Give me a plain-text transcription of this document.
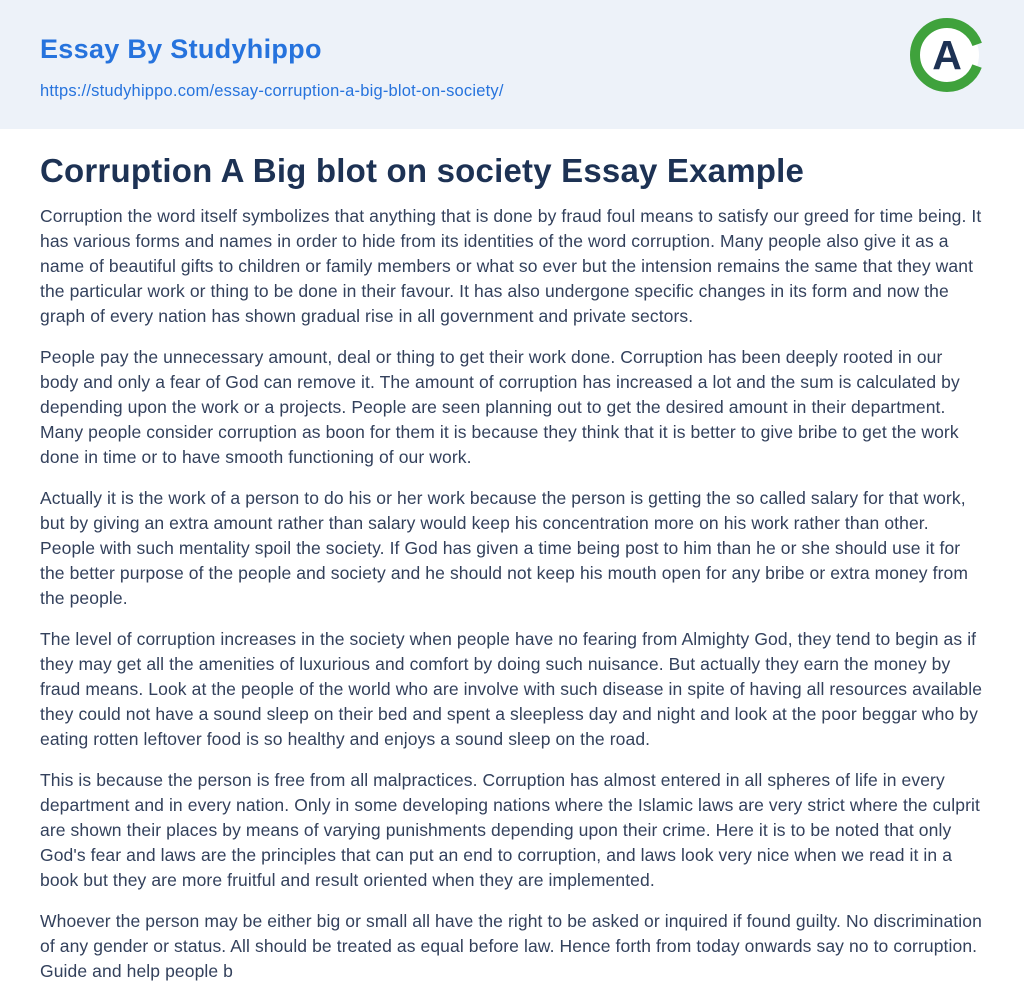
Essay By Studyhippo
https://studyhippo.com/essay-corruption-a-big-blot-on-society/
A
Corruption A Big blot on society Essay Example

Corruption the word itself symbolizes that anything that is done by fraud foul means to satisfy our greed for time being. It has various forms and names in order to hide from its identities of the word corruption. Many people also give it as a name of beautiful gifts to children or family members or what so ever but the intension remains the same that they want the particular work or thing to be done in their favour. It has also undergone specific changes in its form and now the graph of every nation has shown gradual rise in all government and private sectors.

People pay the unnecessary amount, deal or thing to get their work done. Corruption has been deeply rooted in our body and only a fear of God can remove it. The amount of corruption has increased a lot and the sum is calculated by depending upon the work or a projects. People are seen planning out to get the desired amount in their department. Many people consider corruption as boon for them it is because they think that it is better to give bribe to get the work done in time or to have smooth functioning of our work.

Actually it is the work of a person to do his or her work because the person is getting the so called salary for that work, but by giving an extra amount rather than salary would keep his concentration more on his work rather than other. People with such mentality spoil the society. If God has given a time being post to him than he or she should use it for the better purpose of the people and society and he should not keep his mouth open for any bribe or extra money from the people.

The level of corruption increases in the society when people have no fearing from Almighty God, they tend to begin as if they may get all the amenities of luxurious and comfort by doing such nuisance. But actually they earn the money by fraud means. Look at the people of the world who are involve with such disease in spite of having all resources available they could not have a sound sleep on their bed and spent a sleepless day and night and look at the poor beggar who by eating rotten leftover food is so healthy and enjoys a sound sleep on the road.

This is because the person is free from all malpractices. Corruption has almost entered in all spheres of life in every department and in every nation. Only in some developing nations where the Islamic laws are very strict where the culprit are shown their places by means of varying punishments depending upon their crime. Here it is to be noted that only God's fear and laws are the principles that can put an end to corruption, and laws look very nice when we read it in a book but they are more fruitful and result oriented when they are implemented.

Whoever the person may be either big or small all have the right to be asked or inquired if found guilty. No discrimination of any gender or status. All should be treated as equal before law. Hence forth from today onwards say no to corruption. Guide and help people b
